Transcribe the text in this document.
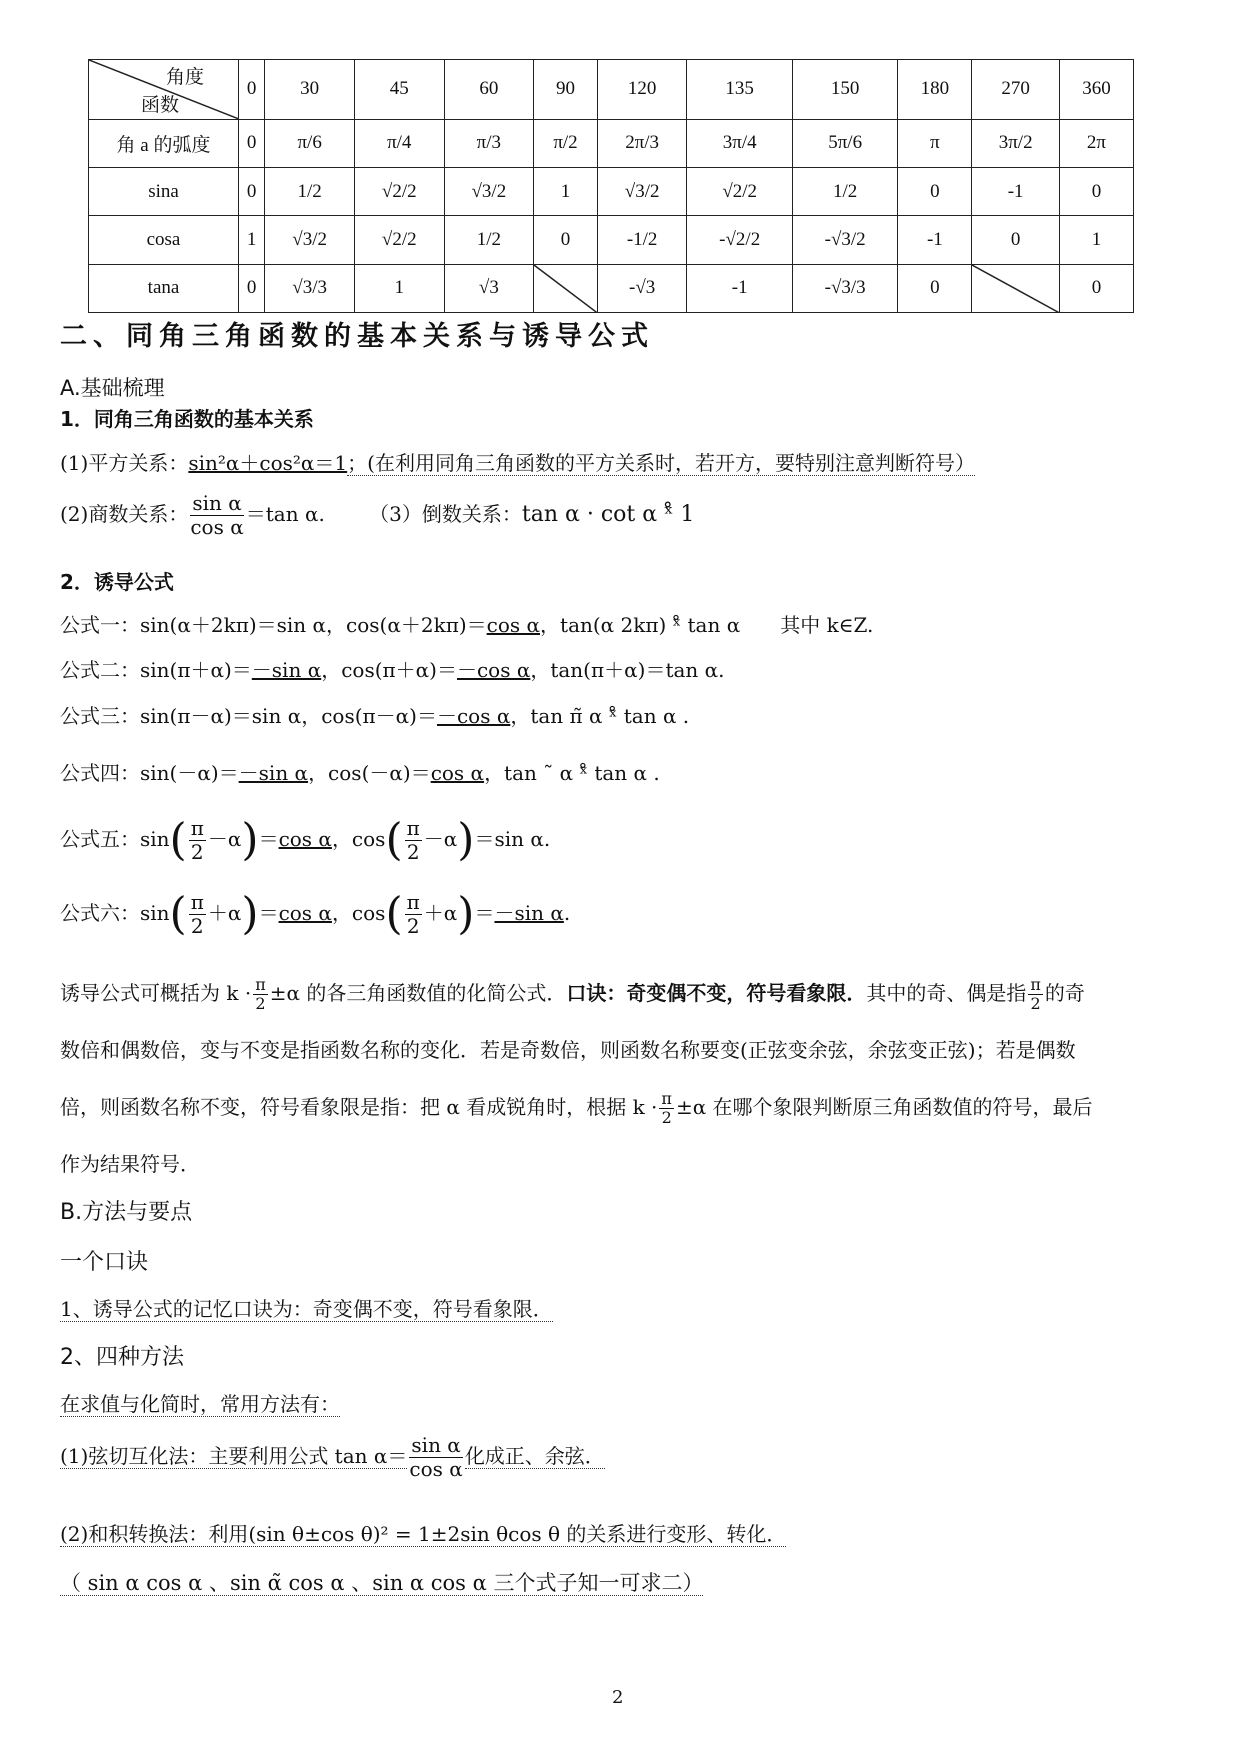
角度
函数	0	30	45	60	90	120	135	150	180	270	360
角 a 的弧度	0	π/6	π/4	π/3	π/2	2π/3	3π/4	5π/6	π	3π/2	2π
sina	0	1/2	√2/2	√3/2	1	√3/2	√2/2	1/2	0	-1	0
cosa	1	√3/2	√2/2	1/2	0	-1/2	-√2/2	-√3/2	-1	0	1
tana	0	√3/3	1	√3		-√3	-1	-√3/3	0		0
二、同角三角函数的基本关系与诱导公式
A.基础梳理
1．同角三角函数的基本关系
(1)平方关系：sin²α＋cos²α＝1；(在利用同角三角函数的平方关系时，若开方，要特别注意判断符号）
(2)商数关系： $\frac{\text{sin α}}{\text{cos α}} =\tan$ α. （3）倒数关系：tan α · cot α ˣ̊ 1
2．诱导公式
公式一：sin(α＋2kπ)＝sin α，cos(α＋2kπ)＝cos α，tan(α 2kπ) ˣ̊ tan α 其中 k∈Z.
公式二：sin(π＋α)＝－sin α，cos(π＋α)＝－cos α，tan(π＋α)＝tan α.
公式三：sin(π－α)＝sin α，cos(π－α)＝－cos α，tan π̃ α ˣ̊ tan α .
公式四：sin(－α)＝－sin α，cos(－α)＝cos α，tan ˜ α ˣ̊ tan α .
公式五：$\sin( \frac{\pi}{2} -\alpha)=\cos$ α，$\cos( \frac{\pi}{2} -\alpha)=\sin$ α.
公式六：$\sin( \frac{\pi}{2} +\alpha)=\cos$ α，$\cos( \frac{\pi}{2} +\alpha)=-\sin$ α.
诱导公式可概括为 $k \cdot \frac{\pi}{2} \pm\alpha$ 的各三角函数值的化简公式．口诀：奇变偶不变，符号看象限．其中的奇、偶是指 $\frac{\pi}{2}$ 的奇
数倍和偶数倍，变与不变是指函数名称的变化．若是奇数倍，则函数名称要变(正弦变余弦，余弦变正弦)；若是偶数
倍，则函数名称不变，符号看象限是指：把 α 看成锐角时，根据 $k \cdot \frac{\pi}{2} \pm\alpha$ 在哪个象限判断原三角函数值的符号，最后
作为结果符号．
B.方法与要点
一个口诀
1、诱导公式的记忆口诀为：奇变偶不变，符号看象限．
2、四种方法
在求值与化简时，常用方法有：
(1)弦切互化法：主要利用公式 $\tan \alpha= \frac{\text{sin α}}{\text{cos α}}$ 化成正、余弦．
(2)和积转换法：利用(sin θ±cos θ)² = 1±2sin θcos θ 的关系进行变形、转化．
（ sin α cos α 、sin α̃ cos α 、sin α cos α 三个式子知一可求二）
2
